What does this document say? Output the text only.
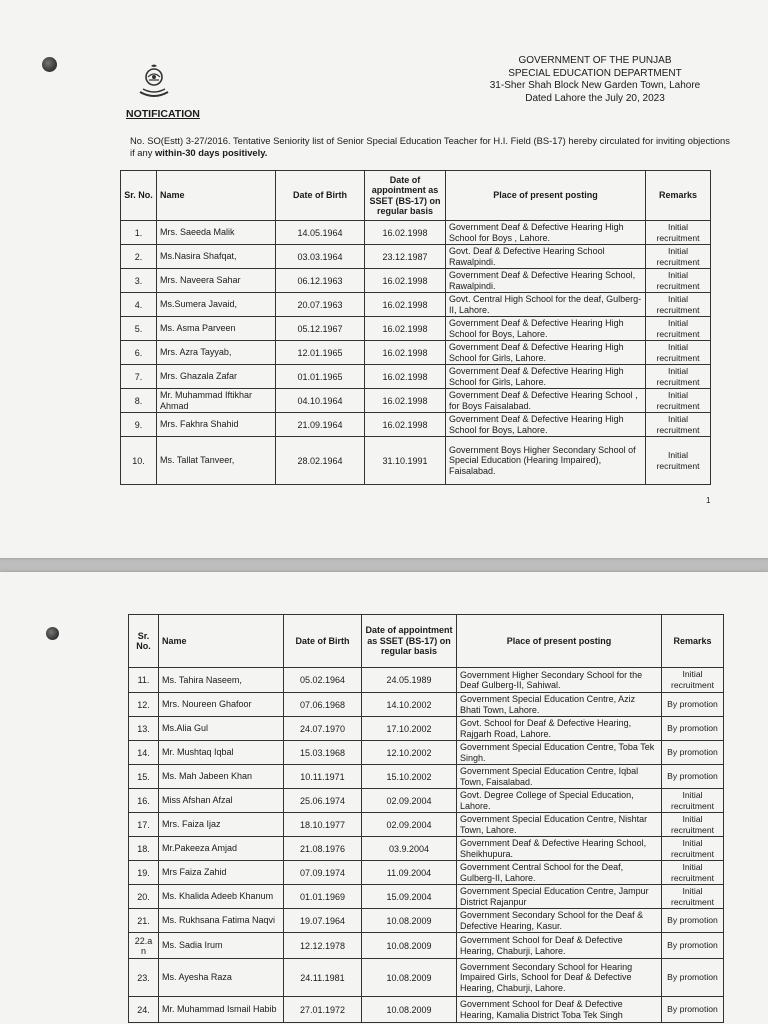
GOVERNMENT OF THE PUNJAB
SPECIAL EDUCATION DEPARTMENT
31-Sher Shah Block New Garden Town, Lahore
Dated Lahore the July 20, 2023
NOTIFICATION
No. SO(Estt) 3-27/2016. Tentative Seniority list of Senior Special Education Teacher for H.I. Field (BS-17) hereby circulated for inviting objections if any within-30 days positively.
Sr. No.	Name	Date of Birth	Date of appointment as SSET (BS-17) on regular basis	Place of present posting	Remarks
1.	Mrs. Saeeda Malik	14.05.1964	16.02.1998	Government Deaf & Defective Hearing High School for Boys , Lahore.	Initial recruitment
2.	Ms.Nasira Shafqat,	03.03.1964	23.12.1987	Govt. Deaf & Defective Hearing School Rawalpindi.	Initial recruitment
3.	Mrs. Naveera Sahar	06.12.1963	16.02.1998	Government Deaf & Defective Hearing School, Rawalpindi.	Initial recruitment
4.	Ms.Sumera Javaid,	20.07.1963	16.02.1998	Govt. Central High School for the deaf, Gulberg-II, Lahore.	Initial recruitment
5.	Ms. Asma Parveen	05.12.1967	16.02.1998	Government Deaf & Defective Hearing High School for Boys, Lahore.	Initial recruitment
6.	Mrs. Azra Tayyab,	12.01.1965	16.02.1998	Government Deaf & Defective Hearing High School for Girls, Lahore.	Initial recruitment
7.	Mrs. Ghazala Zafar	01.01.1965	16.02.1998	Government Deaf & Defective Hearing High School for Girls, Lahore.	Initial recruitment
8.	Mr. Muhammad Iftikhar Ahmad	04.10.1964	16.02.1998	Government Deaf & Defective Hearing School , for Boys Faisalabad.	Initial recruitment
9.	Mrs. Fakhra Shahid	21.09.1964	16.02.1998	Government Deaf & Defective Hearing High School for Boys, Lahore.	Initial recruitment
10.	Ms. Tallat Tanveer,	28.02.1964	31.10.1991	Government Boys Higher Secondary School of Special Education (Hearing Impaired), Faisalabad.	Initial recruitment
1
Sr. No.	Name	Date of Birth	Date of appointment as SSET (BS-17) on regular basis	Place of present posting	Remarks
11.	Ms. Tahira Naseem,	05.02.1964	24.05.1989	Government Higher Secondary School for the Deaf Gulberg-II, Sahiwal.	Initial recruitment
12.	Mrs. Noureen Ghafoor	07.06.1968	14.10.2002	Government Special Education Centre, Aziz Bhati Town, Lahore.	By promotion
13.	Ms.Alia Gul	24.07.1970	17.10.2002	Govt. School for Deaf & Defective Hearing, Rajgarh Road, Lahore.	By promotion
14.	Mr. Mushtaq Iqbal	15.03.1968	12.10.2002	Government Special Education Centre, Toba Tek Singh.	By promotion
15.	Ms. Mah Jabeen Khan	10.11.1971	15.10.2002	Government Special Education Centre, Iqbal Town, Faisalabad.	By promotion
16.	Miss Afshan Afzal	25.06.1974	02.09.2004	Govt. Degree College of Special Education, Lahore.	Initial recruitment
17.	Mrs. Faiza Ijaz	18.10.1977	02.09.2004	Government Special Education Centre, Nishtar Town, Lahore.	Initial recruitment
18.	Mr.Pakeeza Amjad	21.08.1976	03.9.2004	Government Deaf & Defective Hearing School, Sheikhupura.	Initial recruitment
19.	Mrs Faiza Zahid	07.09.1974	11.09.2004	Government Central School for the Deaf, Gulberg-II, Lahore.	Initial recruitment
20.	Ms. Khalida Adeeb Khanum	01.01.1969	15.09.2004	Government Special Education Centre, Jampur District Rajanpur	Initial recruitment
21.	Ms. Rukhsana Fatima Naqvi	19.07.1964	10.08.2009	Government Secondary School for the Deaf & Defective Hearing, Kasur.	By promotion
22.a n	Ms. Sadia Irum	12.12.1978	10.08.2009	Government School for Deaf & Defective Hearing, Chaburji, Lahore.	By promotion
23.	Ms. Ayesha Raza	24.11.1981	10.08.2009	Government Secondary School for Hearing Impaired Girls, School for Deaf & Defective Hearing, Chaburji, Lahore.	By promotion
24.	Mr. Muhammad Ismail Habib	27.01.1972	10.08.2009	Government School for Deaf & Defective Hearing, Kamalia District Toba Tek Singh	By promotion
